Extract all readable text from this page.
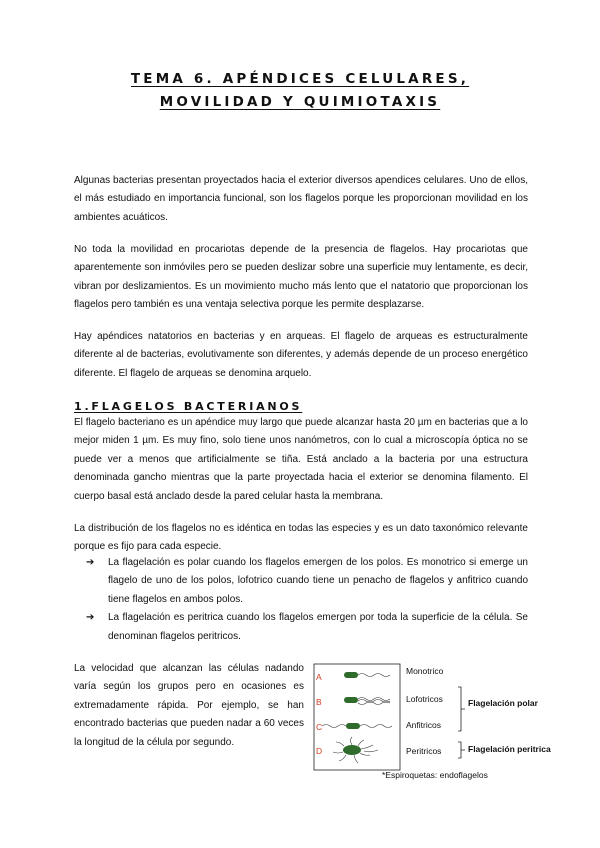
TEMA 6. APÉNDICES CELULARES,
MOVILIDAD Y QUIMIOTAXIS

Algunas bacterias presentan proyectados hacia el exterior diversos apendices celulares. Uno de ellos, el más estudiado en importancia funcional, son los flagelos porque les proporcionan movilidad en los ambientes acuáticos.

No toda la movilidad en procariotas depende de la presencia de flagelos. Hay procariotas que aparentemente son inmóviles pero se pueden deslizar sobre una superficie muy lentamente, es decir, vibran por deslizamientos. Es un movimiento mucho más lento que el natatorio que proporcionan los flagelos pero también es una ventaja selectiva porque les permite desplazarse.

Hay apéndices natatorios en bacterias y en arqueas. El flagelo de arqueas es estructuralmente diferente al de bacterias, evolutivamente son diferentes, y además depende de un proceso energético diferente. El flagelo de arqueas se denomina arquelo.

1.FLAGELOS BACTERIANOS

El flagelo bacteriano es un apéndice muy largo que puede alcanzar hasta 20 µm en bacterias que a lo mejor miden 1 µm. Es muy fino, solo tiene unos nanómetros, con lo cual a microscopía óptica no se puede ver a menos que artificialmente se tiña. Está anclado a la bacteria por una estructura denominada gancho mientras que la parte proyectada hacia el exterior se denomina filamento. El cuerpo basal está anclado desde la pared celular hasta la membrana.

La distribución de los flagelos no es idéntica en todas las especies y es un dato taxonómico relevante porque es fijo para cada especie.

➔ La flagelación es polar cuando los flagelos emergen de los polos. Es monotrico si emerge un flagelo de uno de los polos, lofotrico cuando tiene un penacho de flagelos y anfitrico cuando tiene flagelos en ambos polos.
➔ La flagelación es peritrica cuando los flagelos emergen por toda la superficie de la célula. Se denominan flagelos peritricos.

La velocidad que alcanzan las células nadando varía según los grupos pero en ocasiones es extremadamente rápida. Por ejemplo, se han encontrado bacterias que pueden nadar a 60 veces la longitud de la célula por segundo.

A
B
C
D
Monotrico
Lofotricos
Anfitricos
Peritricos
Flagelación polar
Flagelación peritrica
*Espiroquetas: endoflagelos
